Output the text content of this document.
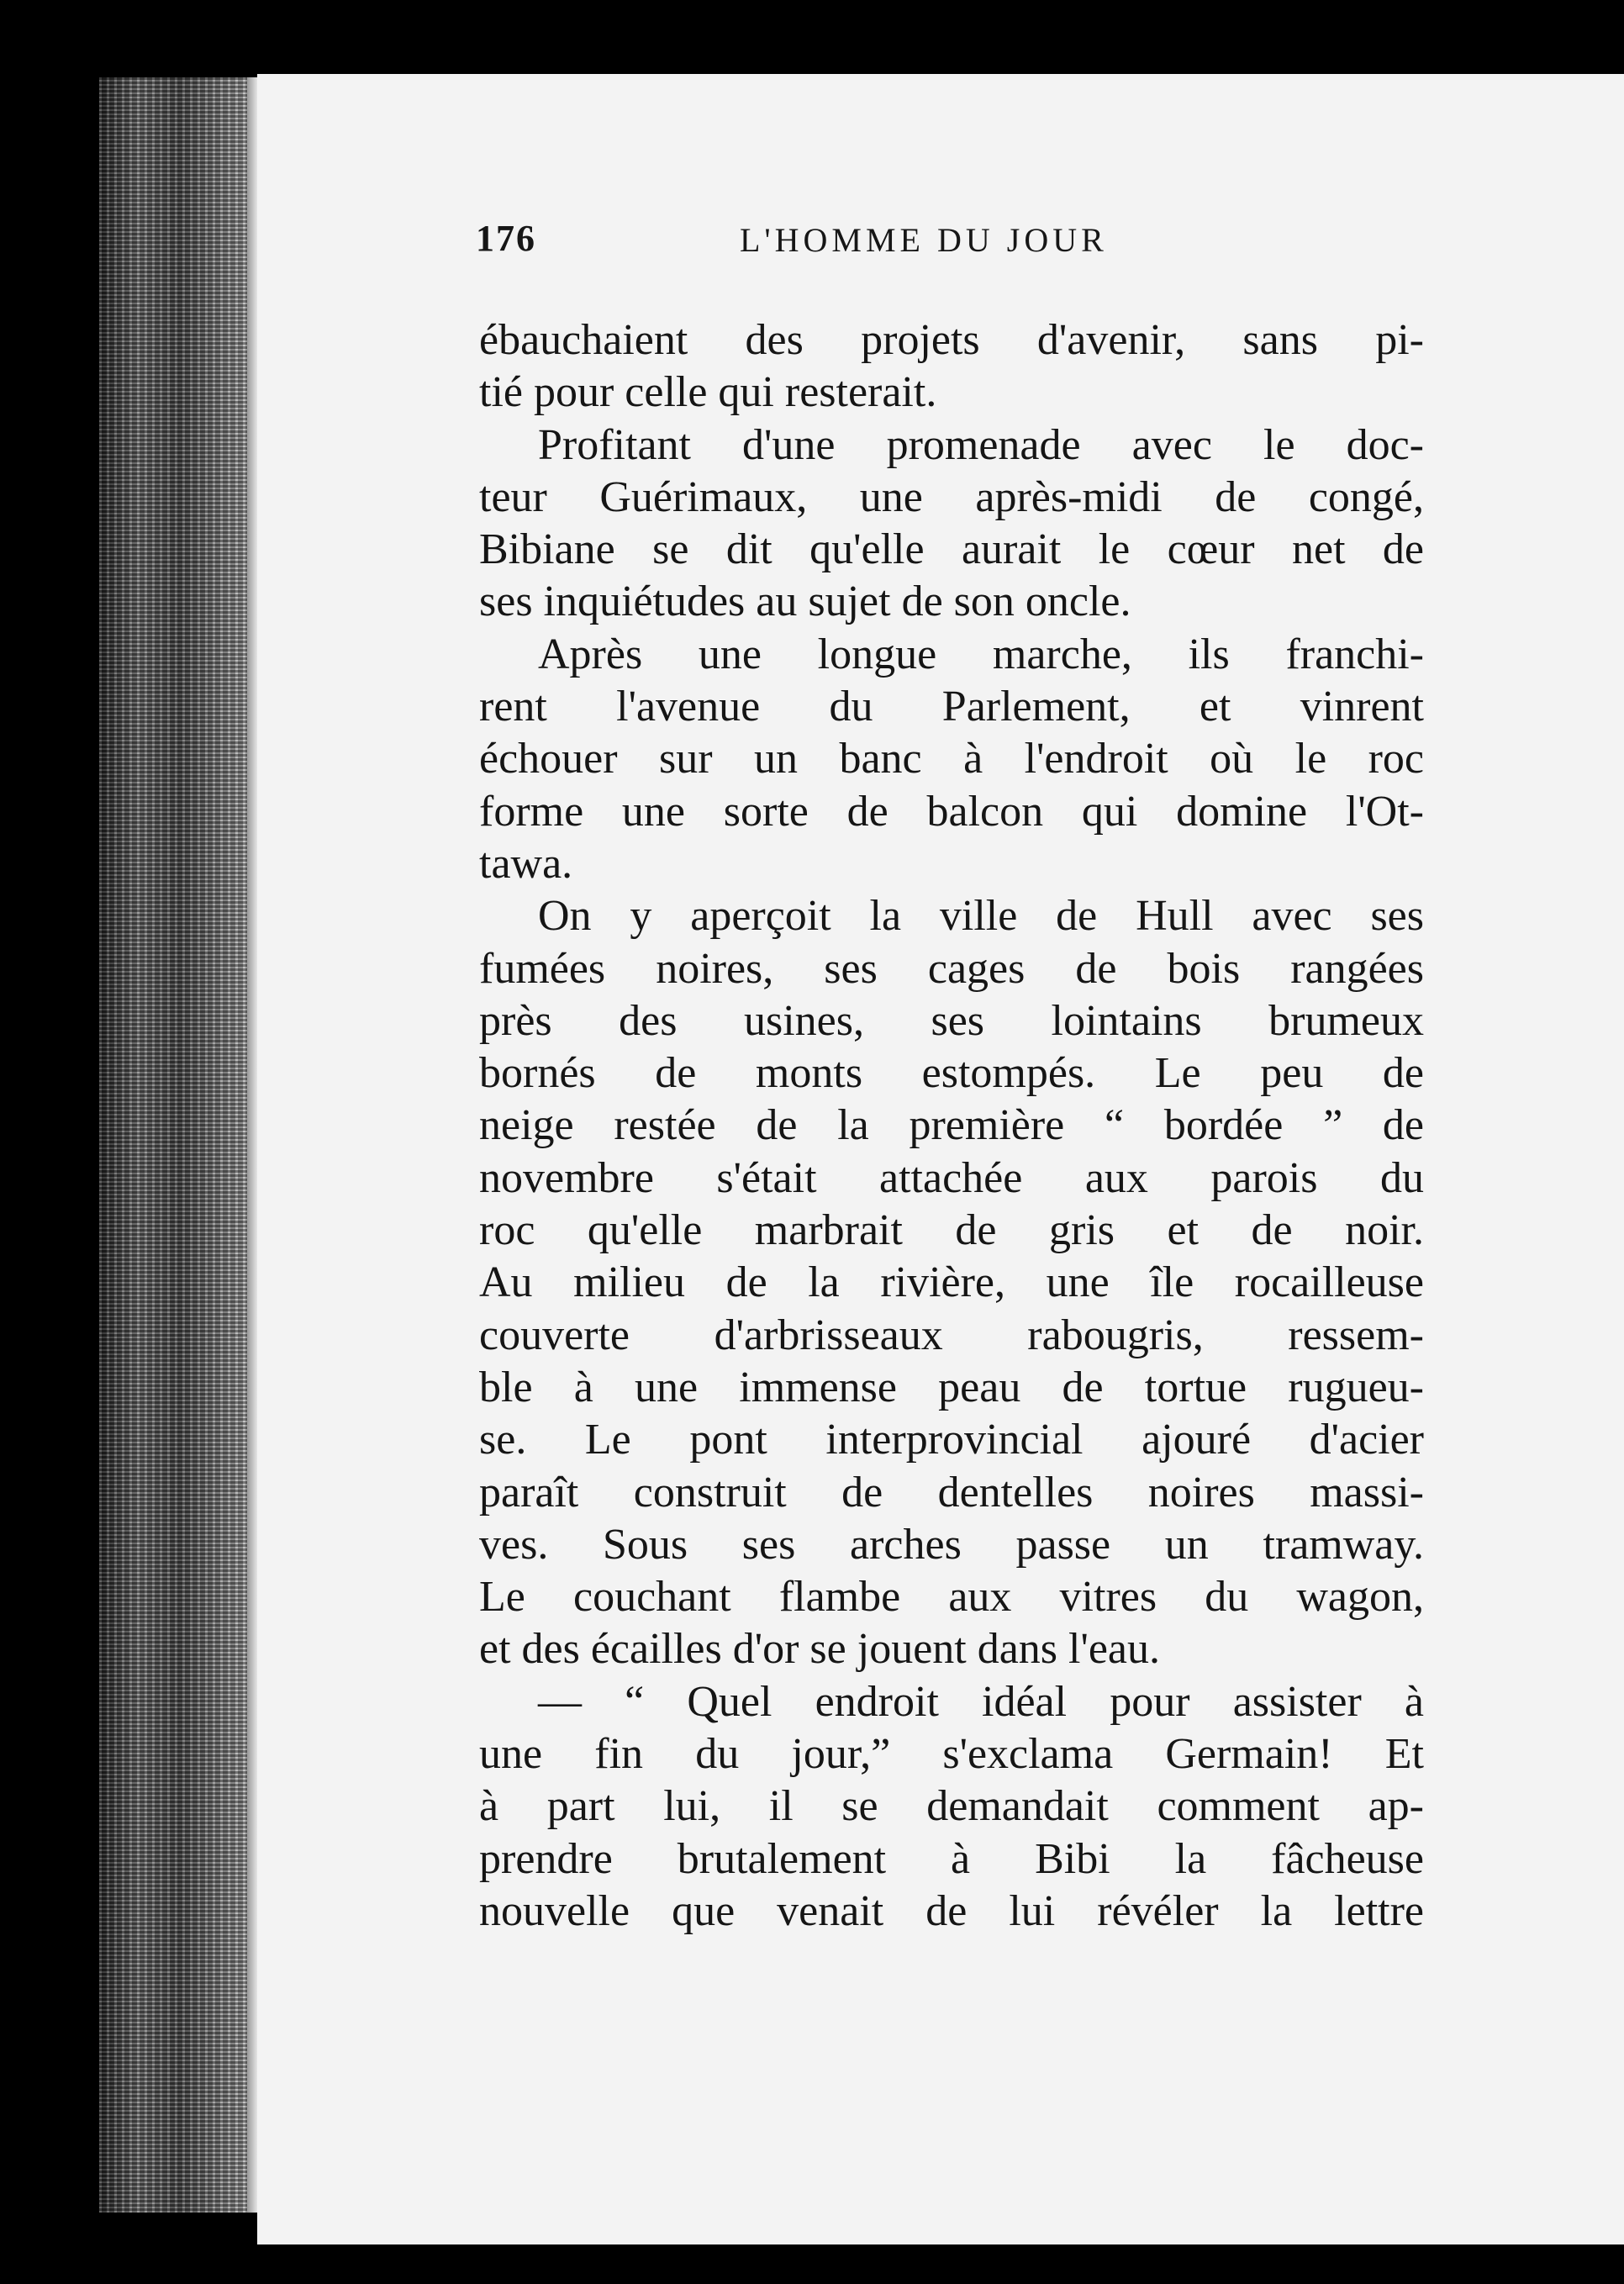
176	L'HOMME DU JOUR
ébauchaient des projets d'avenir, sans pi-
tié pour celle qui resterait.
Profitant d'une promenade avec le doc-
teur Guérimaux, une après-midi de congé,
Bibiane se dit qu'elle aurait le cœur net de
ses inquiétudes au sujet de son oncle.
Après une longue marche, ils franchi-
rent l'avenue du Parlement, et vinrent
échouer sur un banc à l'endroit où le roc
forme une sorte de balcon qui domine l'Ot-
tawa.
On y aperçoit la ville de Hull avec ses
fumées noires, ses cages de bois rangées
près des usines, ses lointains brumeux
bornés de monts estompés. Le peu de
neige restée de la première “ bordée ” de
novembre s'était attachée aux parois du
roc qu'elle marbrait de gris et de noir.
Au milieu de la rivière, une île rocailleuse
couverte d'arbrisseaux rabougris, ressem-
ble à une immense peau de tortue rugueu-
se. Le pont interprovincial ajouré d'acier
paraît construit de dentelles noires massi-
ves. Sous ses arches passe un tramway.
Le couchant flambe aux vitres du wagon,
et des écailles d'or se jouent dans l'eau.
— “ Quel endroit idéal pour assister à
une fin du jour,” s'exclama Germain! Et
à part lui, il se demandait comment ap-
prendre brutalement à Bibi la fâcheuse
nouvelle que venait de lui révéler la lettre
